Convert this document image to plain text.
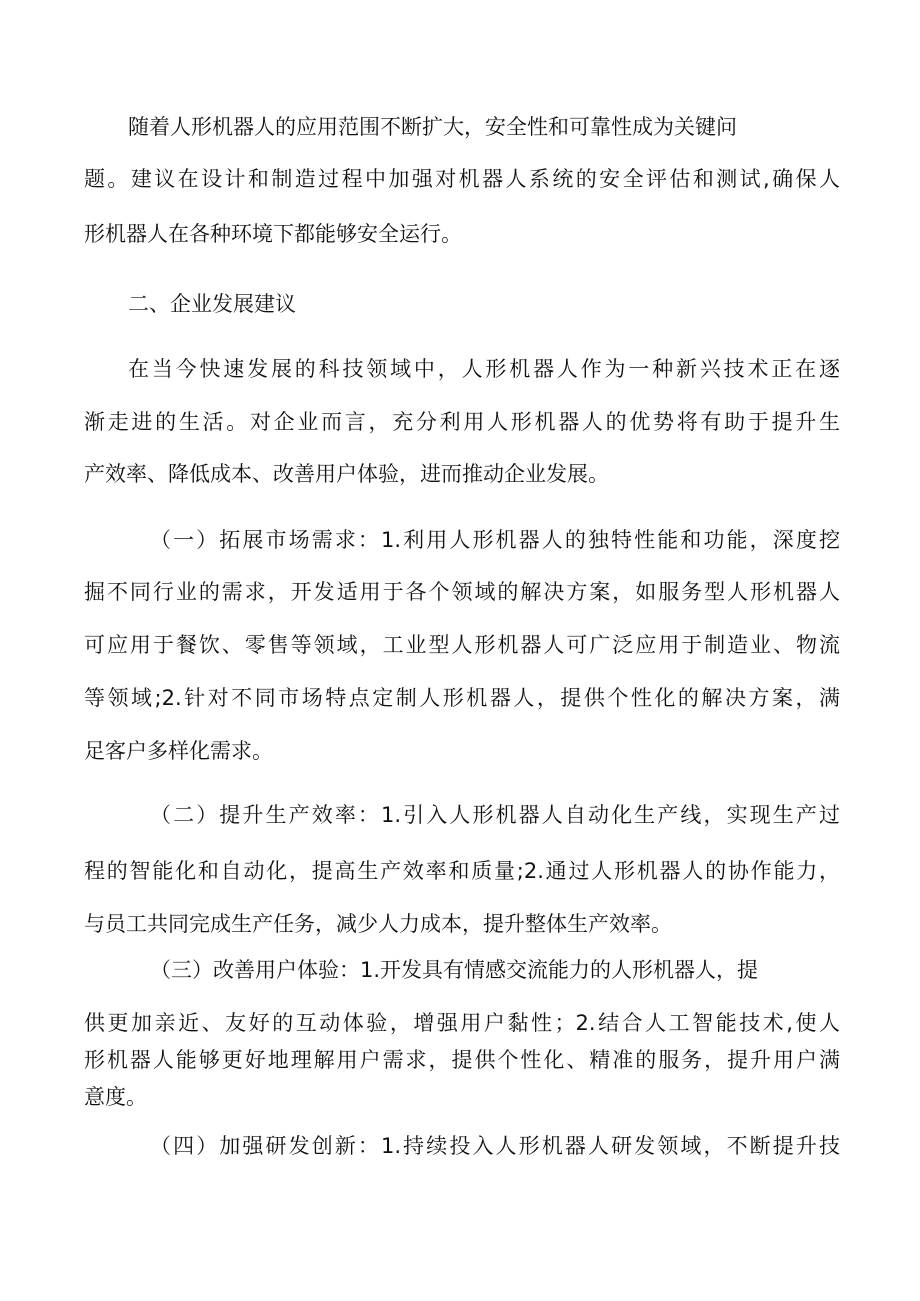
随着人形机器人的应用范围不断扩大，安全性和可靠性成为关键问
题。建议在设计和制造过程中加强对机器人系统的安全评估和测试,确保人
形机器人在各种环境下都能够安全运行。
二、企业发展建议
在当今快速发展的科技领域中，人形机器人作为一种新兴技术正在逐
渐走进的生活。对企业而言，充分利用人形机器人的优势将有助于提升生
产效率、降低成本、改善用户体验，进而推动企业发展。
（一）拓展市场需求：1.利用人形机器人的独特性能和功能，深度挖
掘不同行业的需求，开发适用于各个领域的解决方案，如服务型人形机器人
可应用于餐饮、零售等领域，工业型人形机器人可广泛应用于制造业、物流
等领域;2.针对不同市场特点定制人形机器人，提供个性化的解决方案，满
足客户多样化需求。
（二）提升生产效率：1.引入人形机器人自动化生产线，实现生产过
程的智能化和自动化，提高生产效率和质量;2.通过人形机器人的协作能力，
与员工共同完成生产任务，减少人力成本，提升整体生产效率。
（三）改善用户体验：1.开发具有情感交流能力的人形机器人，提
供更加亲近、友好的互动体验，增强用户黏性；2.结合人工智能技术,使人
形机器人能够更好地理解用户需求，提供个性化、精准的服务，提升用户满
意度。
（四）加强研发创新：1.持续投入人形机器人研发领域，不断提升技
